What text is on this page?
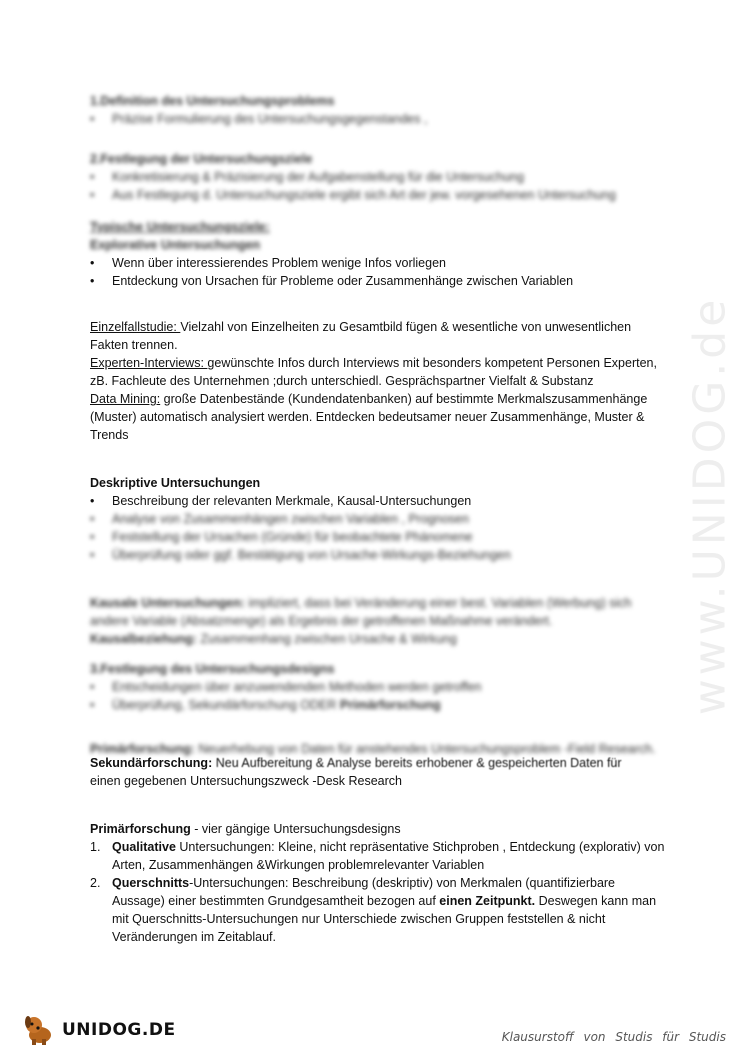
www.UNIDOG.de

1.Definition des Untersuchungsproblems

• Präzise Formulierung des Untersuchungsgegenstandes ,

2.Festlegung der Untersuchungsziele

• Konkretisierung & Präzisierung der Aufgabenstellung für die Untersuchung
• Aus Festlegung d. Untersuchungsziele ergibt sich Art der jew. vorgesehenen Untersuchung

Typische Untersuchungsziele:

Explorative Untersuchungen

• Wenn über interessierendes Problem wenige Infos vorliegen
• Entdeckung von Ursachen für Probleme oder Zusammenhänge zwischen Variablen

Einzelfallstudie: Vielzahl von Einzelheiten zu Gesamtbild fügen & wesentliche von unwesentlichen Fakten trennen.

Experten-Interviews: gewünschte Infos durch Interviews mit besonders kompetent Personen Experten, zB. Fachleute des Unternehmen ;durch unterschiedl. Gesprächspartner Vielfalt & Substanz

Data Mining: große Datenbestände (Kundendatenbanken) auf bestimmte Merkmalszusammenhänge (Muster) automatisch analysiert werden. Entdecken bedeutsamer neuer Zusammenhänge, Muster & Trends

Deskriptive Untersuchungen

• Beschreibung der relevanten Merkmale, Kausal-Untersuchungen
• Analyse von Zusammenhängen zwischen Variablen , Prognosen
• Feststellung der Ursachen (Gründe) für beobachtete Phänomene
• Überprüfung oder ggf. Bestätigung von Ursache-Wirkungs-Beziehungen

Kausale Untersuchungen: impliziert, dass bei Veränderung einer best. Variablen (Werbung) sich andere Variable (Absatzmenge) als Ergebnis der getroffenen Maßnahme verändert.

Kausalbeziehung: Zusammenhang zwischen Ursache & Wirkung

3.Festlegung des Untersuchungsdesigns

• Entscheidungen über anzuwendenden Methoden werden getroffen
• Überprüfung, Sekundärforschung ODER Primärforschung

Primärforschung: Neuerhebung von Daten für anstehendes Untersuchungsproblem -Field Research.

Sekundärforschung: Neu Aufbereitung & Analyse bereits erhobener & gespeicherten Daten für

einen gegebenen Untersuchungszweck -Desk Research

Primärforschung - vier gängige Untersuchungsdesigns

1. Qualitative Untersuchungen: Kleine, nicht repräsentative Stichproben , Entdeckung (explorativ) von Arten, Zusammenhängen &Wirkungen problemrelevanter Variablen
2. Querschnitts-Untersuchungen: Beschreibung (deskriptiv) von Merkmalen (quantifizierbare Aussage) einer bestimmten Grundgesamtheit bezogen auf einen Zeitpunkt. Deswegen kann man mit Querschnitts-Untersuchungen nur Unterschiede zwischen Gruppen feststellen & nicht Veränderungen im Zeitablauf.
UNIDOG.DE	Klausurstoff von Studis für Studis
